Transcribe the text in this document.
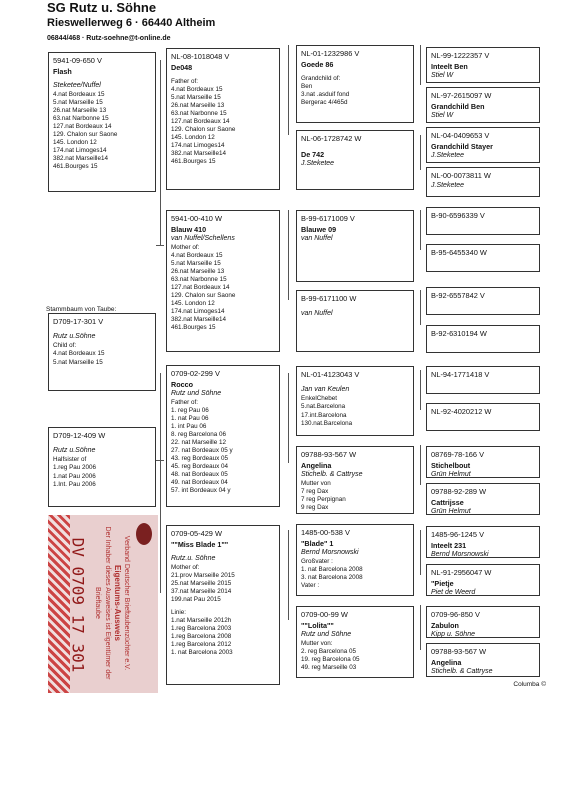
SG Rutz u. Söhne
Rieswellerweg 6 · 66440 Altheim
06844/468 · Rutz-soehne@t-online.de
D709-17-301 V
Rutz u.Söhne
Child of:
4.nat Bordeaux 15
5.nat Marseille 15
Stammbaum von Taube:
D709-12-409 W
Rutz u.Söhne
Halfsister of
1.reg Pau 2006
1.nat Pau 2006
1.Int. Pau 2006
5941-09-650 V
Flash
Steketee/Nuffel
4.nat Bordeaux 15
5.nat Marseille 15
26.nat Marseille 13
63.nat Narbonne 15
127.nat Bordeaux 14
129. Chalon sur Saone
145. London 12
174.nat Limoges14
382.nat Marseille14
461.Bourges 15
NL-08-1018048 V
De048
Father of:
4.nat Bordeaux 15
5.nat Marseille 15
26.nat Marseille 13
63.nat Narbonne 15
127.nat Bordeaux 14
129. Chalon sur Saone
145. London 12
174.nat Limoges14
382.nat Marseille14
461.Bourges 15
5941-00-410 W
Blauw 410
van Nuffel/Schellens
Mother of:
4.nat Bordeaux 15
5.nat Marseille 15
26.nat Marseille 13
63.nat Narbonne 15
127.nat Bordeaux 14
129. Chalon sur Saone
145. London 12
174.nat Limoges14
382.nat Marseille14
461.Bourges 15
0709-02-299 V
Rocco
Rutz und Söhne
Father of:
1. reg Pau 06
1. nat Pau 06
1. int Pau 06
8. reg Barcelona 06
22. nat Marseille 12
27. nat Bordeaux 05 y
43. reg Bordeaux 05
45. reg Bordeaux 04
48. nat Bordeaux 05
49. nat Bordeaux 04
57. int Bordeaux 04 y
0709-05-429 W
""Miss Blade 1""
Rutz.u. Söhne
Mother of:
21.prov Marseille 2015
25.nat Marseille 2015
37.nat Marseille 2014
199.nat Pau 2015
Linie:
1.nat Marseille 2012h
1.reg Barcelona 2003
1.reg Barcelona 2008
1.reg Barcelona 2012
1. nat Barcelona 2003
NL-01-1232986 V
Goede 86
Grandchild of:
Ben
3.nat .asduif fond
Bergerac 4/465d
NL-06-1728742 W
De 742
J.Steketee
B-99-6171009 V
Blauwe 09
van Nuffel
B-99-6171100 W
van Nuffel
NL-01-4123043 V
Jan van Keulen
EnkelChebet
5.nat.Barcelona
17.int.Barcelona
130.nat.Barcelona
09788-93-567 W
Angelina
Stichelb. & Cattryse
Mutter von
7 reg Dax
7 reg Perpignan
9 reg Dax
1485-00-538 V
"Blade" 1
Bernd Morsnowski
Großvater :
1. nat Barcelona 2008
3. nat Barcelona 2008
Vater :
0709-00-99 W
""Lolita""
Rutz und Söhne
Mutter von:
2. reg Barcelona 05
19. reg Barcelona 05
49. reg Marseille 03
NL-99-1222357 V
Inteelt Ben
Stiel W
NL-97-2615097 W
Grandchild Ben
Stiel W
NL-04-0409653 V
Grandchild Stayer
J.Steketee
NL-00-0073811 W
J.Steketee
B-90-6596339 V
B-95-6455340 W
B-92-6557842 V
B-92-6310194 W
NL-94-1771418 V
NL-92-4020212 W
08769-78-166 V
Stichelbout
Grün Helmut
09788-92-289 W
Cattrijsse
Grün Helmut
1485-96-1245 V
Inteelt 231
Bernd Morsnowski
NL-91-2956047 W
"Pietje
Piet de Weerd
0709-96-850 V
Zabulon
Kipp u. Söhne
09788-93-567 W
Angelina
Stichelb. & Cattryse
DV 0709 17 301	Verband Deutscher Brieftaubenzüchter e.V.
Eigentums-Ausweis
Der Inhaber dieses Ausweises ist Eigentümer der Brieftaube
Columba ©
